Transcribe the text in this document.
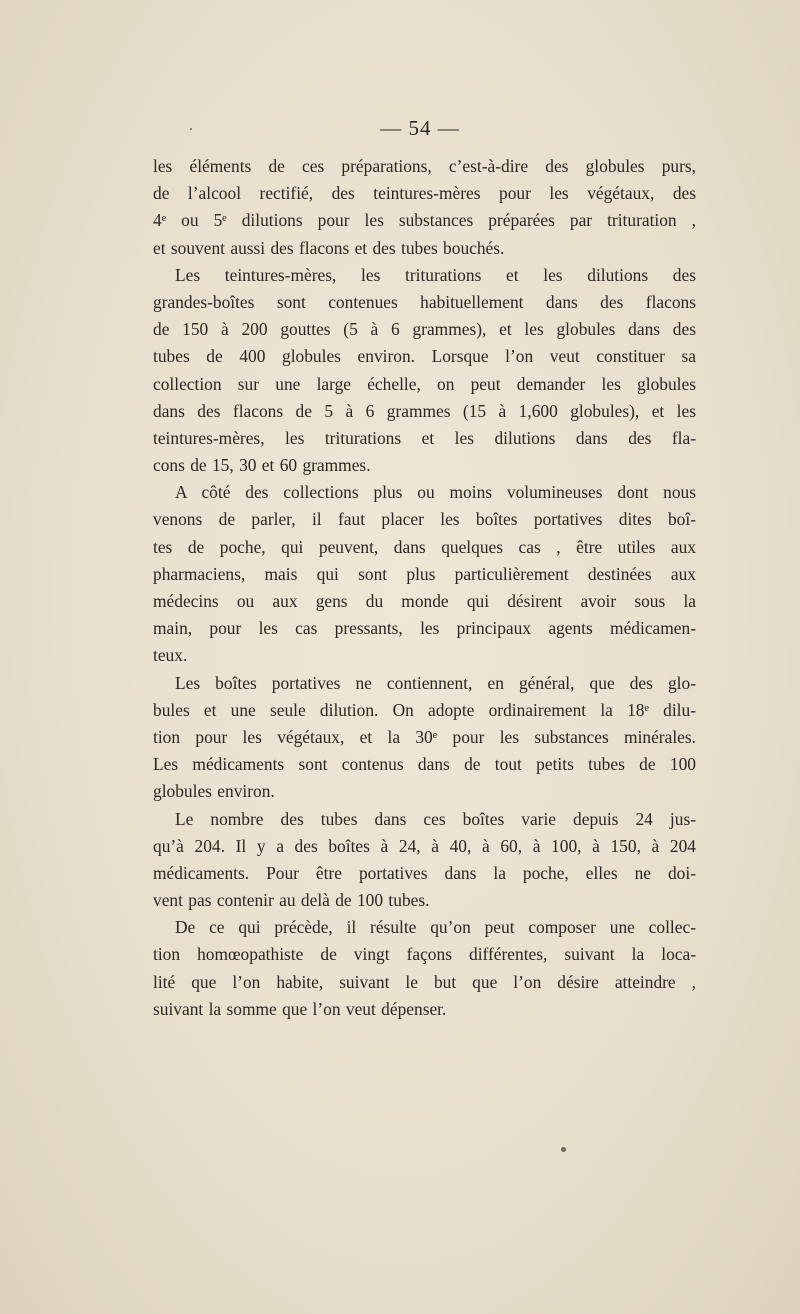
— 54 —
les éléments de ces préparations, c’est-à-dire des globules purs,
de l’alcool rectifié, des teintures-mères pour les végétaux, des
4ᵉ ou 5ᵉ dilutions pour les substances préparées par trituration ,
et souvent aussi des flacons et des tubes bouchés.
Les teintures-mères, les triturations et les dilutions des
grandes-boîtes sont contenues habituellement dans des flacons
de 150 à 200 gouttes (5 à 6 grammes), et les globules dans des
tubes de 400 globules environ. Lorsque l’on veut constituer sa
collection sur une large échelle, on peut demander les globules
dans des flacons de 5 à 6 grammes (15 à 1,600 globules), et les
teintures-mères, les triturations et les dilutions dans des fla-
cons de 15, 30 et 60 grammes.
A côté des collections plus ou moins volumineuses dont nous
venons de parler, il faut placer les boîtes portatives dites boî-
tes de poche, qui peuvent, dans quelques cas , être utiles aux
pharmaciens, mais qui sont plus particulièrement destinées aux
médecins ou aux gens du monde qui désirent avoir sous la
main, pour les cas pressants, les principaux agents médicamen-
teux.
Les boîtes portatives ne contiennent, en général, que des glo-
bules et une seule dilution. On adopte ordinairement la 18ᵉ dilu-
tion pour les végétaux, et la 30ᵉ pour les substances minérales.
Les médicaments sont contenus dans de tout petits tubes de 100
globules environ.
Le nombre des tubes dans ces boîtes varie depuis 24 jus-
qu’à 204. Il y a des boîtes à 24, à 40, à 60, à 100, à 150, à 204
médicaments. Pour être portatives dans la poche, elles ne doi-
vent pas contenir au delà de 100 tubes.
De ce qui précède, il résulte qu’on peut composer une collec-
tion homœopathiste de vingt façons différentes, suivant la loca-
lité que l’on habite, suivant le but que l’on désire atteindre ,
suivant la somme que l’on veut dépenser.
